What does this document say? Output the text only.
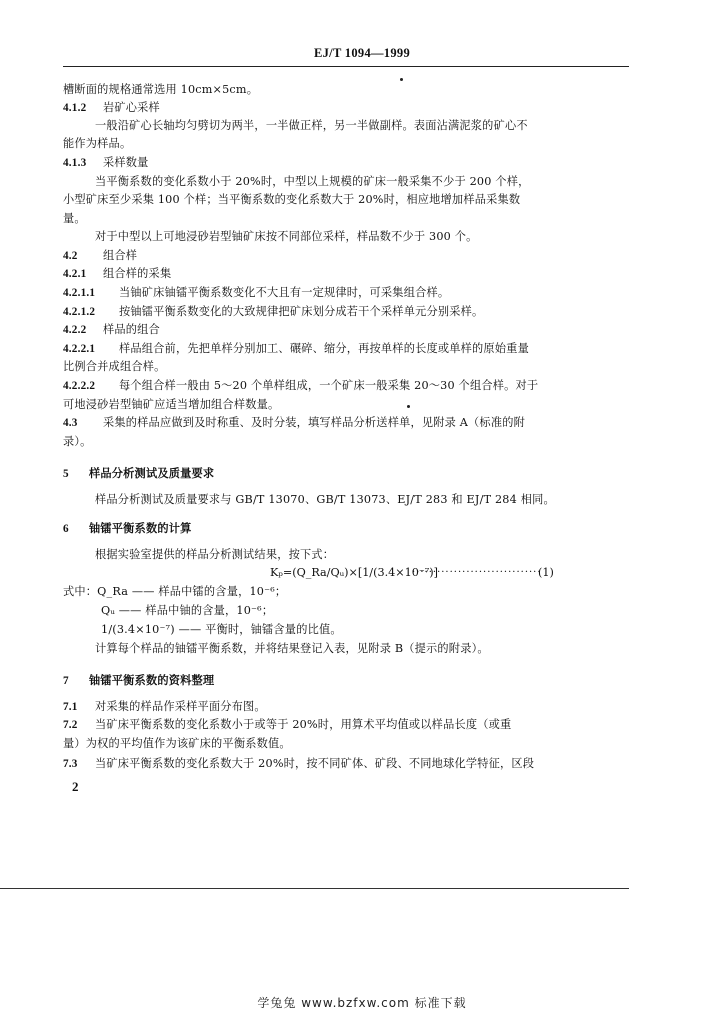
EJ/T 1094—1999
槽断面的规格通常选用 10cm×5cm。
4.1.2 岩矿心采样
一般沿矿心长轴均匀劈切为两半，一半做正样，另一半做副样。表面沾满泥浆的矿心不
能作为样品。
4.1.3 采样数量
当平衡系数的变化系数小于 20%时，中型以上规模的矿床一般采集不少于 200 个样，
小型矿床至少采集 100 个样；当平衡系数的变化系数大于 20%时，相应地增加样品采集数
量。
对于中型以上可地浸砂岩型铀矿床按不同部位采样，样品数不少于 300 个。
4.2 组合样
4.2.1 组合样的采集
4.2.1.1 当铀矿床铀镭平衡系数变化不大且有一定规律时，可采集组合样。
4.2.1.2 按铀镭平衡系数变化的大致规律把矿床划分成若干个采样单元分别采样。
4.2.2 样品的组合
4.2.2.1 样品组合前，先把单样分别加工、碾碎、缩分，再按单样的长度或单样的原始重量
比例合并成组合样。
4.2.2.2 每个组合样一般由 5～20 个单样组成，一个矿床一般采集 20～30 个组合样。对于
可地浸砂岩型铀矿应适当增加组合样数量。
4.3 采集的样品应做到及时称重、及时分装，填写样品分析送样单，见附录 A（标准的附
录）。
5 样品分析测试及质量要求
样品分析测试及质量要求与 GB/T 13070、GB/T 13073、EJ/T 283 和 EJ/T 284 相同。
6 铀镭平衡系数的计算
根据实验室提供的样品分析测试结果，按下式：
Kₚ=(Q_Ra/Qᵤ)×[1/(3.4×10⁻⁷)]
·······························
(1)
式中：Q_Ra —— 样品中镭的含量，10⁻⁶；
Qᵤ —— 样品中铀的含量，10⁻⁶；
1/(3.4×10⁻⁷) —— 平衡时，铀镭含量的比值。
计算每个样品的铀镭平衡系数，并将结果登记入表，见附录 B（提示的附录）。
7 铀镭平衡系数的资料整理
7.1 对采集的样品作采样平面分布图。
7.2 当矿床平衡系数的变化系数小于或等于 20%时，用算术平均值或以样品长度（或重
量）为权的平均值作为该矿床的平衡系数值。
7.3 当矿床平衡系数的变化系数大于 20%时，按不同矿体、矿段、不同地球化学特征，区段
2
学兔兔 www.bzfxw.com 标准下载
